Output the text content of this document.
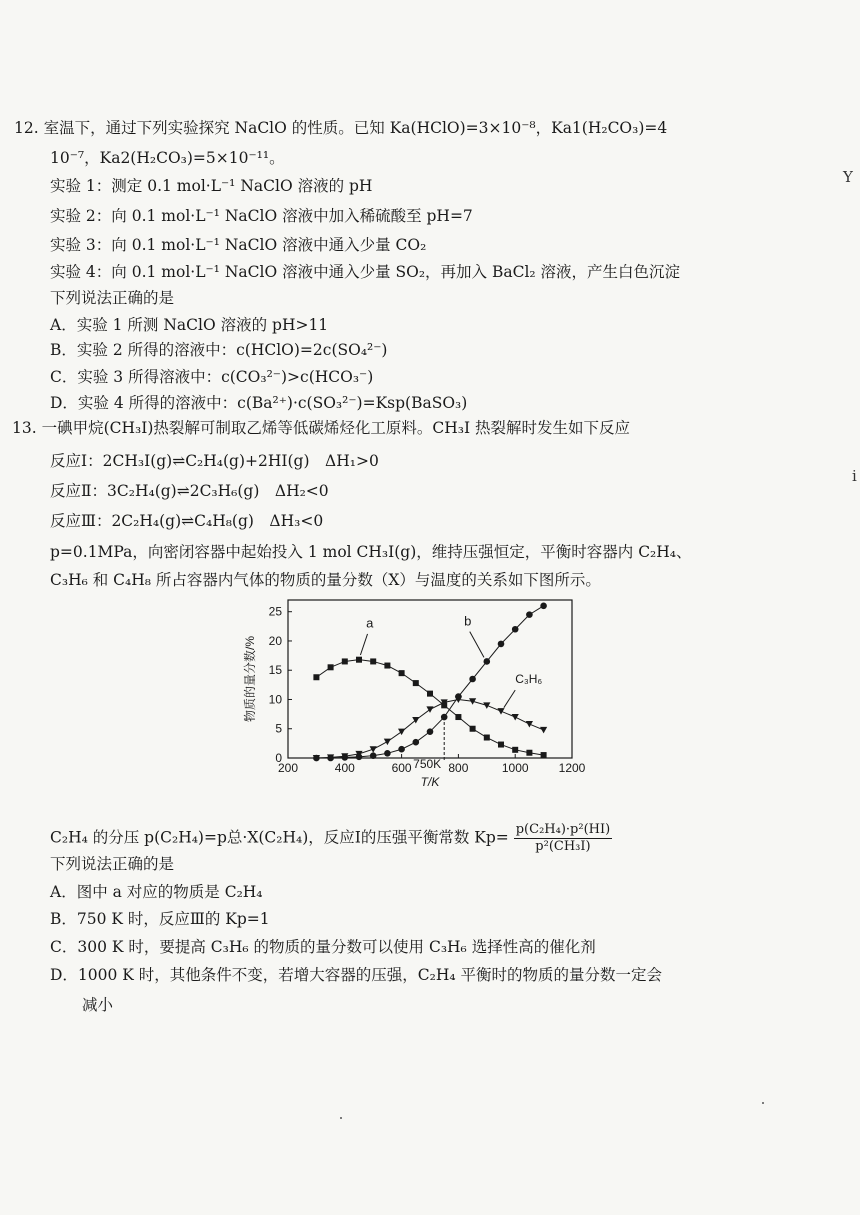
12. 室温下，通过下列实验探究 NaClO 的性质。已知 Ka(HClO)=3×10⁻⁸，Ka1(H₂CO₃)=4
10⁻⁷，Ka2(H₂CO₃)=5×10⁻¹¹。
实验 1：测定 0.1 mol·L⁻¹ NaClO 溶液的 pH
实验 2：向 0.1 mol·L⁻¹ NaClO 溶液中加入稀硫酸至 pH=7
实验 3：向 0.1 mol·L⁻¹ NaClO 溶液中通入少量 CO₂
实验 4：向 0.1 mol·L⁻¹ NaClO 溶液中通入少量 SO₂，再加入 BaCl₂ 溶液，产生白色沉淀
下列说法正确的是
A．实验 1 所测 NaClO 溶液的 pH>11
B．实验 2 所得的溶液中：c(HClO)=2c(SO₄²⁻)
C．实验 3 所得溶液中：c(CO₃²⁻)>c(HCO₃⁻)
D．实验 4 所得的溶液中：c(Ba²⁺)·c(SO₃²⁻)=Ksp(BaSO₃)
13. 一碘甲烷(CH₃I)热裂解可制取乙烯等低碳烯烃化工原料。CH₃I 热裂解时发生如下反应
反应Ⅰ：2CH₃I(g)⇌C₂H₄(g)+2HI(g)　ΔH₁>0
反应Ⅱ：3C₂H₄(g)⇌2C₃H₆(g)　ΔH₂<0
反应Ⅲ：2C₂H₄(g)⇌C₄H₈(g)　ΔH₃<0
p=0.1MPa，向密闭容器中起始投入 1 mol CH₃I(g)，维持压强恒定，平衡时容器内 C₂H₄、
C₃H₆ 和 C₄H₈ 所占容器内气体的物质的量分数（X）与温度的关系如下图所示。
200	400	600	800	1000	1200
0
5
10
15
20
25
T/K
物质的量分数/%
750K
a	b
C₃H₆
C₂H₄ 的分压 p(C₂H₄)=p总·X(C₂H₄)，反应Ⅰ的压强平衡常数 $Kp= \frac{\text{p(C₂H₄)·p²(HI)}}{\text{p²(CH₃I)}}$
下列说法正确的是
A．图中 a 对应的物质是 C₂H₄
B．750 K 时，反应Ⅲ的 Kp=1
C．300 K 时，要提高 C₃H₆ 的物质的量分数可以使用 C₃H₆ 选择性高的催化剂
D．1000 K 时，其他条件不变，若增大容器的压强，C₂H₄ 平衡时的物质的量分数一定会
减小
Y
i
